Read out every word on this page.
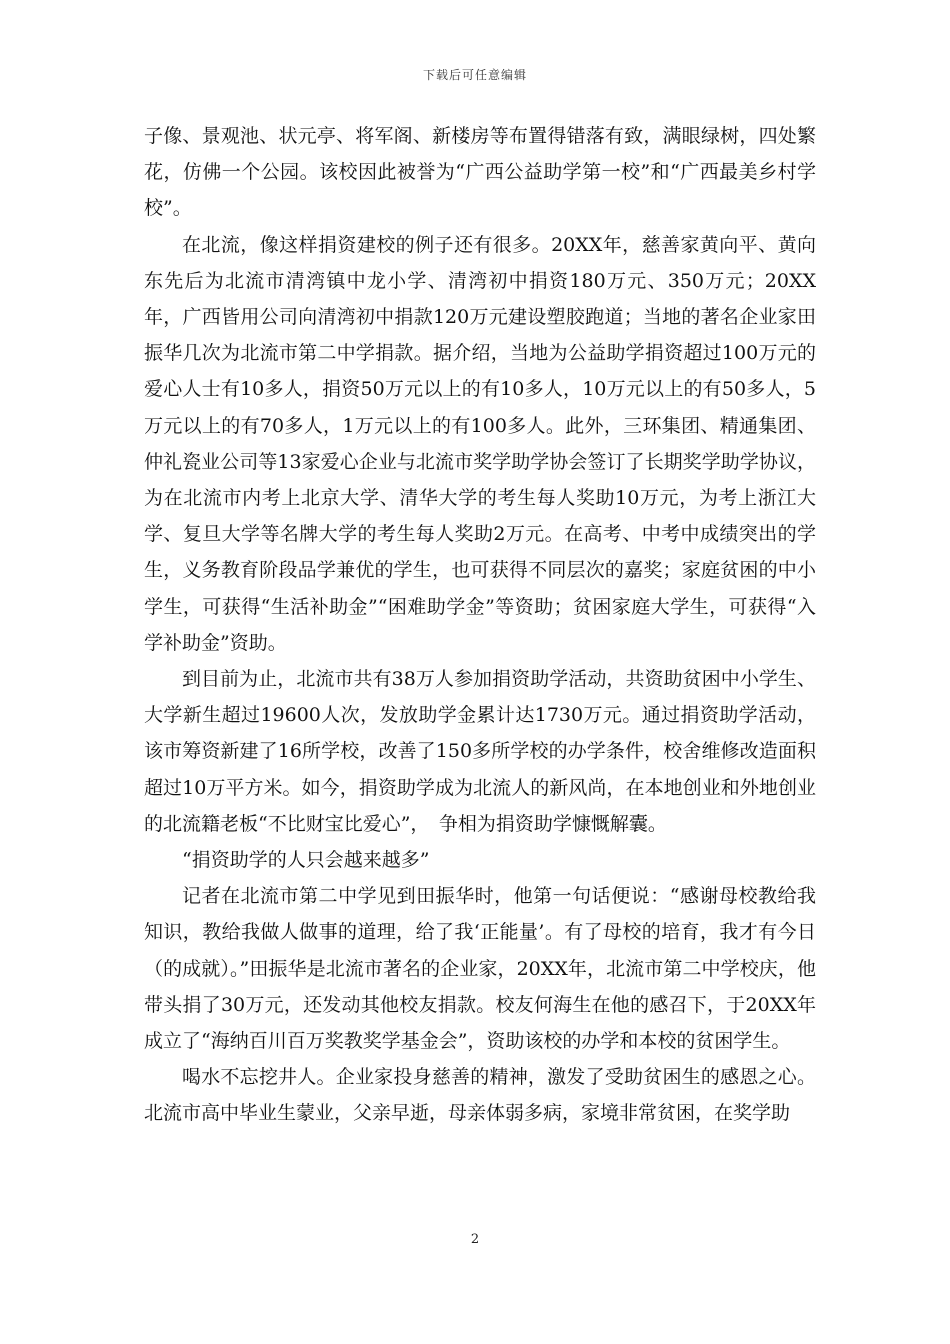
下载后可任意编辑

子像、景观池、状元亭、将军阁、新楼房等布置得错落有致，满眼绿树，四处繁花，仿佛一个公园。该校因此被誉为“广西公益助学第一校”和“广西最美乡村学校”。

在北流，像这样捐资建校的例子还有很多。20XX年，慈善家黄向平、黄向东先后为北流市清湾镇中龙小学、清湾初中捐资180万元、350万元；20XX年，广西皆用公司向清湾初中捐款120万元建设塑胶跑道；当地的著名企业家田振华几次为北流市第二中学捐款。据介绍，当地为公益助学捐资超过100万元的爱心人士有10多人，捐资50万元以上的有10多人，10万元以上的有50多人，5万元以上的有70多人，1万元以上的有100多人。此外，三环集团、精通集团、仲礼瓷业公司等13家爱心企业与北流市奖学助学协会签订了长期奖学助学协议，为在北流市内考上北京大学、清华大学的考生每人奖助10万元，为考上浙江大学、复旦大学等名牌大学的考生每人奖助2万元。在高考、中考中成绩突出的学生，义务教育阶段品学兼优的学生，也可获得不同层次的嘉奖；家庭贫困的中小学生，可获得“生活补助金”“困难助学金”等资助；贫困家庭大学生，可获得“入学补助金”资助。

到目前为止，北流市共有38万人参加捐资助学活动，共资助贫困中小学生、大学新生超过19600人次，发放助学金累计达1730万元。通过捐资助学活动，该市筹资新建了16所学校，改善了150多所学校的办学条件，校舍维修改造面积超过10万平方米。如今，捐资助学成为北流人的新风尚，在本地创业和外地创业的北流籍老板“不比财宝比爱心”，　争相为捐资助学慷慨解囊。

“捐资助学的人只会越来越多”

记者在北流市第二中学见到田振华时，他第一句话便说：“感谢母校教给我知识，教给我做人做事的道理，给了我‘正能量’。有了母校的培育，我才有今日（的成就）。”田振华是北流市著名的企业家，20XX年，北流市第二中学校庆，他带头捐了30万元，还发动其他校友捐款。校友何海生在他的感召下，于20XX年成立了“海纳百川百万奖教奖学基金会”，资助该校的办学和本校的贫困学生。

喝水不忘挖井人。企业家投身慈善的精神，激发了受助贫困生的感恩之心。北流市高中毕业生蒙业，父亲早逝，母亲体弱多病，家境非常贫困，在奖学助

2
